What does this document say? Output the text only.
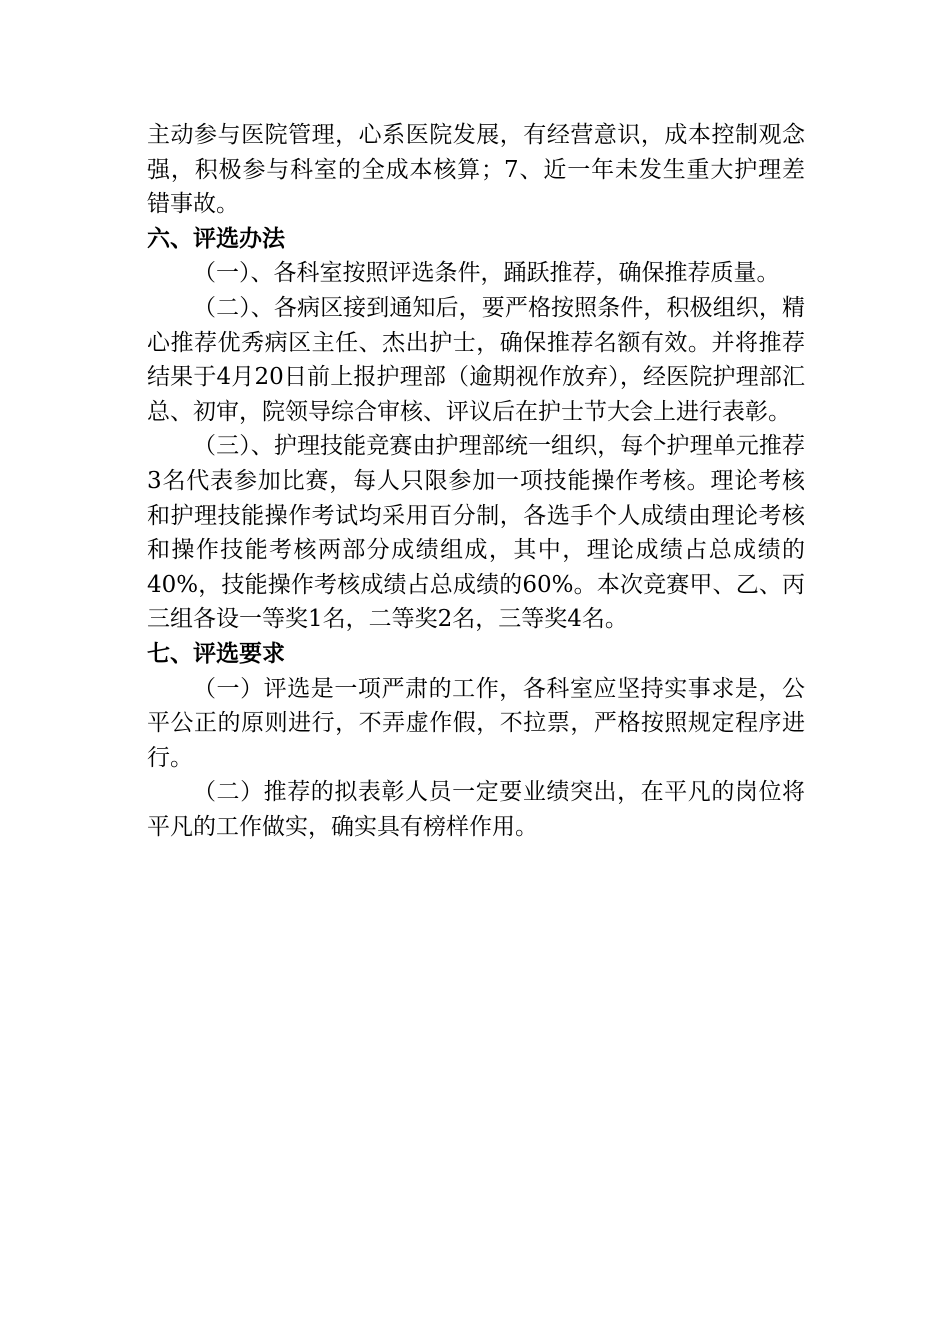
主动参与医院管理，心系医院发展，有经营意识，成本控制观念强，积极参与科室的全成本核算；7、近一年未发生重大护理差错事故。

六、评选办法

（一）、各科室按照评选条件，踊跃推荐，确保推荐质量。

（二）、各病区接到通知后，要严格按照条件，积极组织，精心推荐优秀病区主任、杰出护士，确保推荐名额有效。并将推荐结果于4月20日前上报护理部（逾期视作放弃），经医院护理部汇总、初审，院领导综合审核、评议后在护士节大会上进行表彰。

（三）、护理技能竞赛由护理部统一组织，每个护理单元推荐3名代表参加比赛，每人只限参加一项技能操作考核。理论考核和护理技能操作考试均采用百分制，各选手个人成绩由理论考核和操作技能考核两部分成绩组成，其中，理论成绩占总成绩的40%，技能操作考核成绩占总成绩的60%。本次竞赛甲、乙、丙三组各设一等奖1名，二等奖2名，三等奖4名。

七、评选要求

（一）评选是一项严肃的工作，各科室应坚持实事求是，公平公正的原则进行，不弄虚作假，不拉票，严格按照规定程序进行。

（二）推荐的拟表彰人员一定要业绩突出，在平凡的岗位将平凡的工作做实，确实具有榜样作用。
